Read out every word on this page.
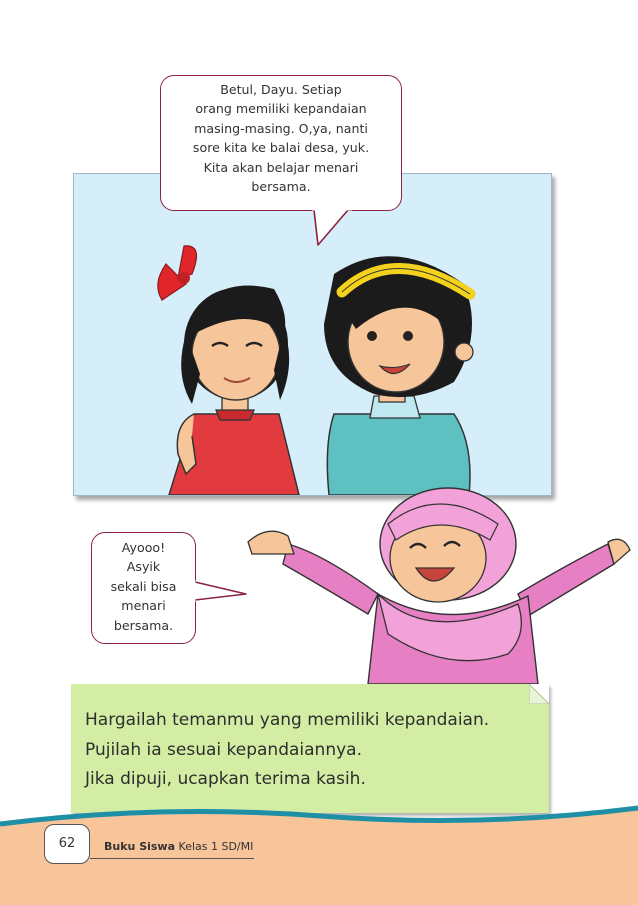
Betul, Dayu. Setiap

orang memiliki kepandaian

masing-masing. O,ya, nanti

sore kita ke balai desa, yuk.

Kita akan belajar menari

bersama.

Ayooo!

Asyik

sekali bisa

menari

bersama.

Hargailah temanmu yang memiliki kepandaian.
Pujilah ia sesuai kepandaiannya.
Jika dipuji, ucapkan terima kasih.
62	Buku Siswa Kelas 1 SD/MI
